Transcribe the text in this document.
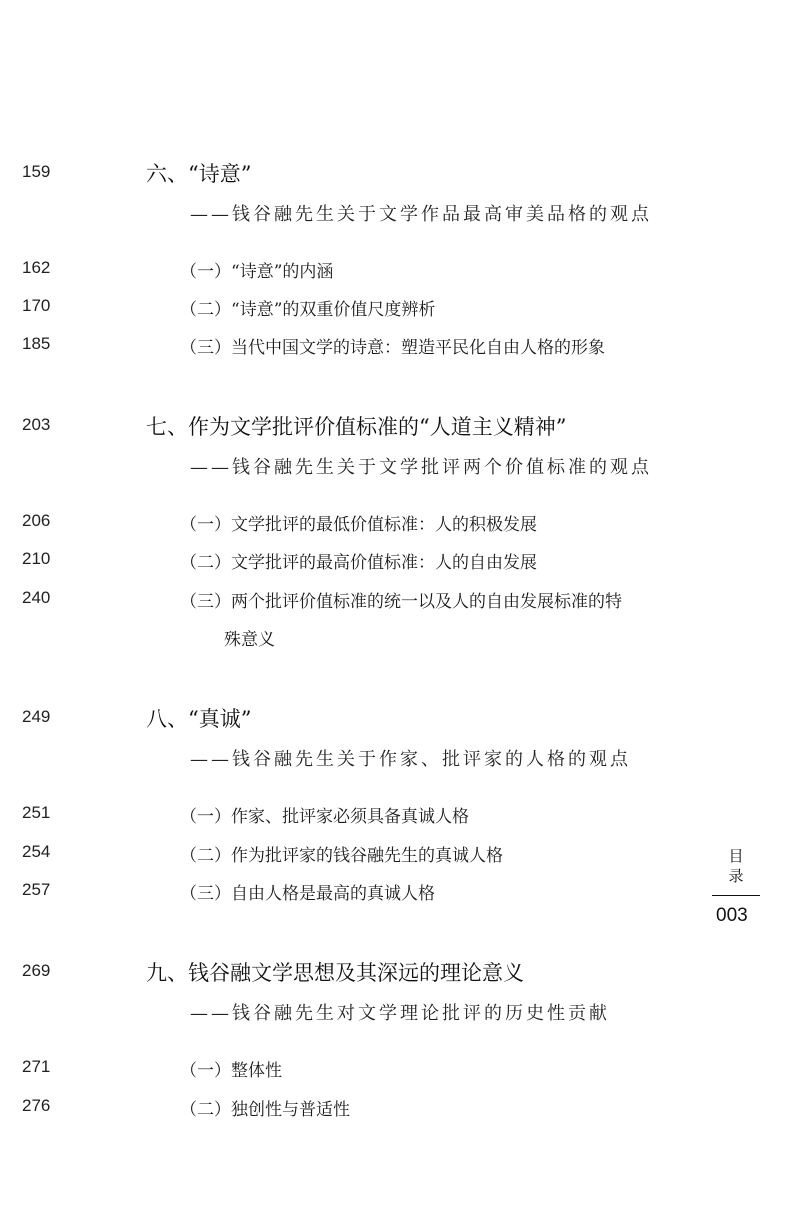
159	六、“诗意”
——钱谷融先生关于文学作品最高审美品格的观点
162	（一）“诗意”的内涵
170	（二）“诗意”的双重价值尺度辨析
185	（三）当代中国文学的诗意：塑造平民化自由人格的形象
203	七、作为文学批评价值标准的“人道主义精神”
——钱谷融先生关于文学批评两个价值标准的观点
206	（一）文学批评的最低价值标准：人的积极发展
210	（二）文学批评的最高价值标准：人的自由发展
240	（三）两个批评价值标准的统一以及人的自由发展标准的特
殊意义
249	八、“真诚”
——钱谷融先生关于作家、批评家的人格的观点
251	（一）作家、批评家必须具备真诚人格
254	（二）作为批评家的钱谷融先生的真诚人格
257	（三）自由人格是最高的真诚人格
269	九、钱谷融文学思想及其深远的理论意义
——钱谷融先生对文学理论批评的历史性贡献
271	（一）整体性
276	（二）独创性与普适性
目
录
003
